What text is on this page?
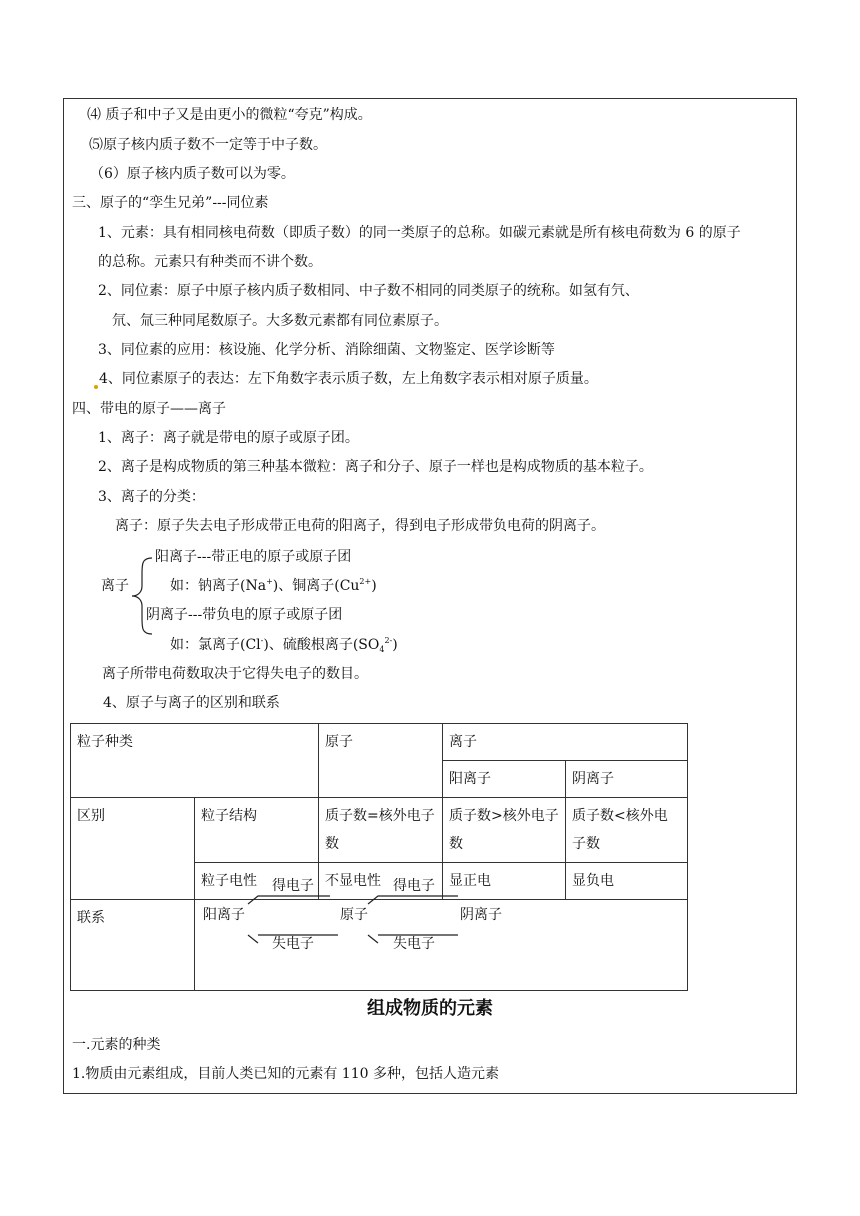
⑷ 质子和中子又是由更小的微粒“夸克”构成。
⑸原子核内质子数不一定等于中子数。
（6）原子核内质子数可以为零。
三、原子的“孪生兄弟”---同位素
1、元素：具有相同核电荷数（即质子数）的同一类原子的总称。如碳元素就是所有核电荷数为 6 的原子
的总称。元素只有种类而不讲个数。
2、同位素：原子中原子核内质子数相同、中子数不相同的同类原子的统称。如氢有氕、
氘、氚三种同尾数原子。大多数元素都有同位素原子。
3、同位素的应用：核设施、化学分析、消除细菌、文物鉴定、医学诊断等
4、同位素原子的表达：左下角数字表示质子数，左上角数字表示相对原子质量。
四、带电的原子——离子
1、离子：离子就是带电的原子或原子团。
2、离子是构成物质的第三种基本微粒：离子和分子、原子一样也是构成物质的基本粒子。
3、离子的分类：
离子：原子失去电子形成带正电荷的阳离子，得到电子形成带负电荷的阴离子。
离子
阳离子---带正电的原子或原子团
如：钠离子(Na+)、铜离子$(Cu^{2+})$
阴离子---带负电的原子或原子团
如：氯离子(Cl-)、硫酸根离子$(SO_4^{2-})$
离子所带电荷数取决于它得失电子的数目。
4、原子与离子的区别和联系
粒子种类		原子	离子	
			阳离子	阴离子
区别	粒子结构	质子数=核外电子数	质子数>核外电子数	质子数<核外电子数
	粒子电性	不显电性	显正电	显负电
联系					阳离子	原子	阴离子
得电子	得电子
失电子	失电子
组成物质的元素
一.元素的种类
1.物质由元素组成，目前人类已知的元素有 110 多种，包括人造元素
